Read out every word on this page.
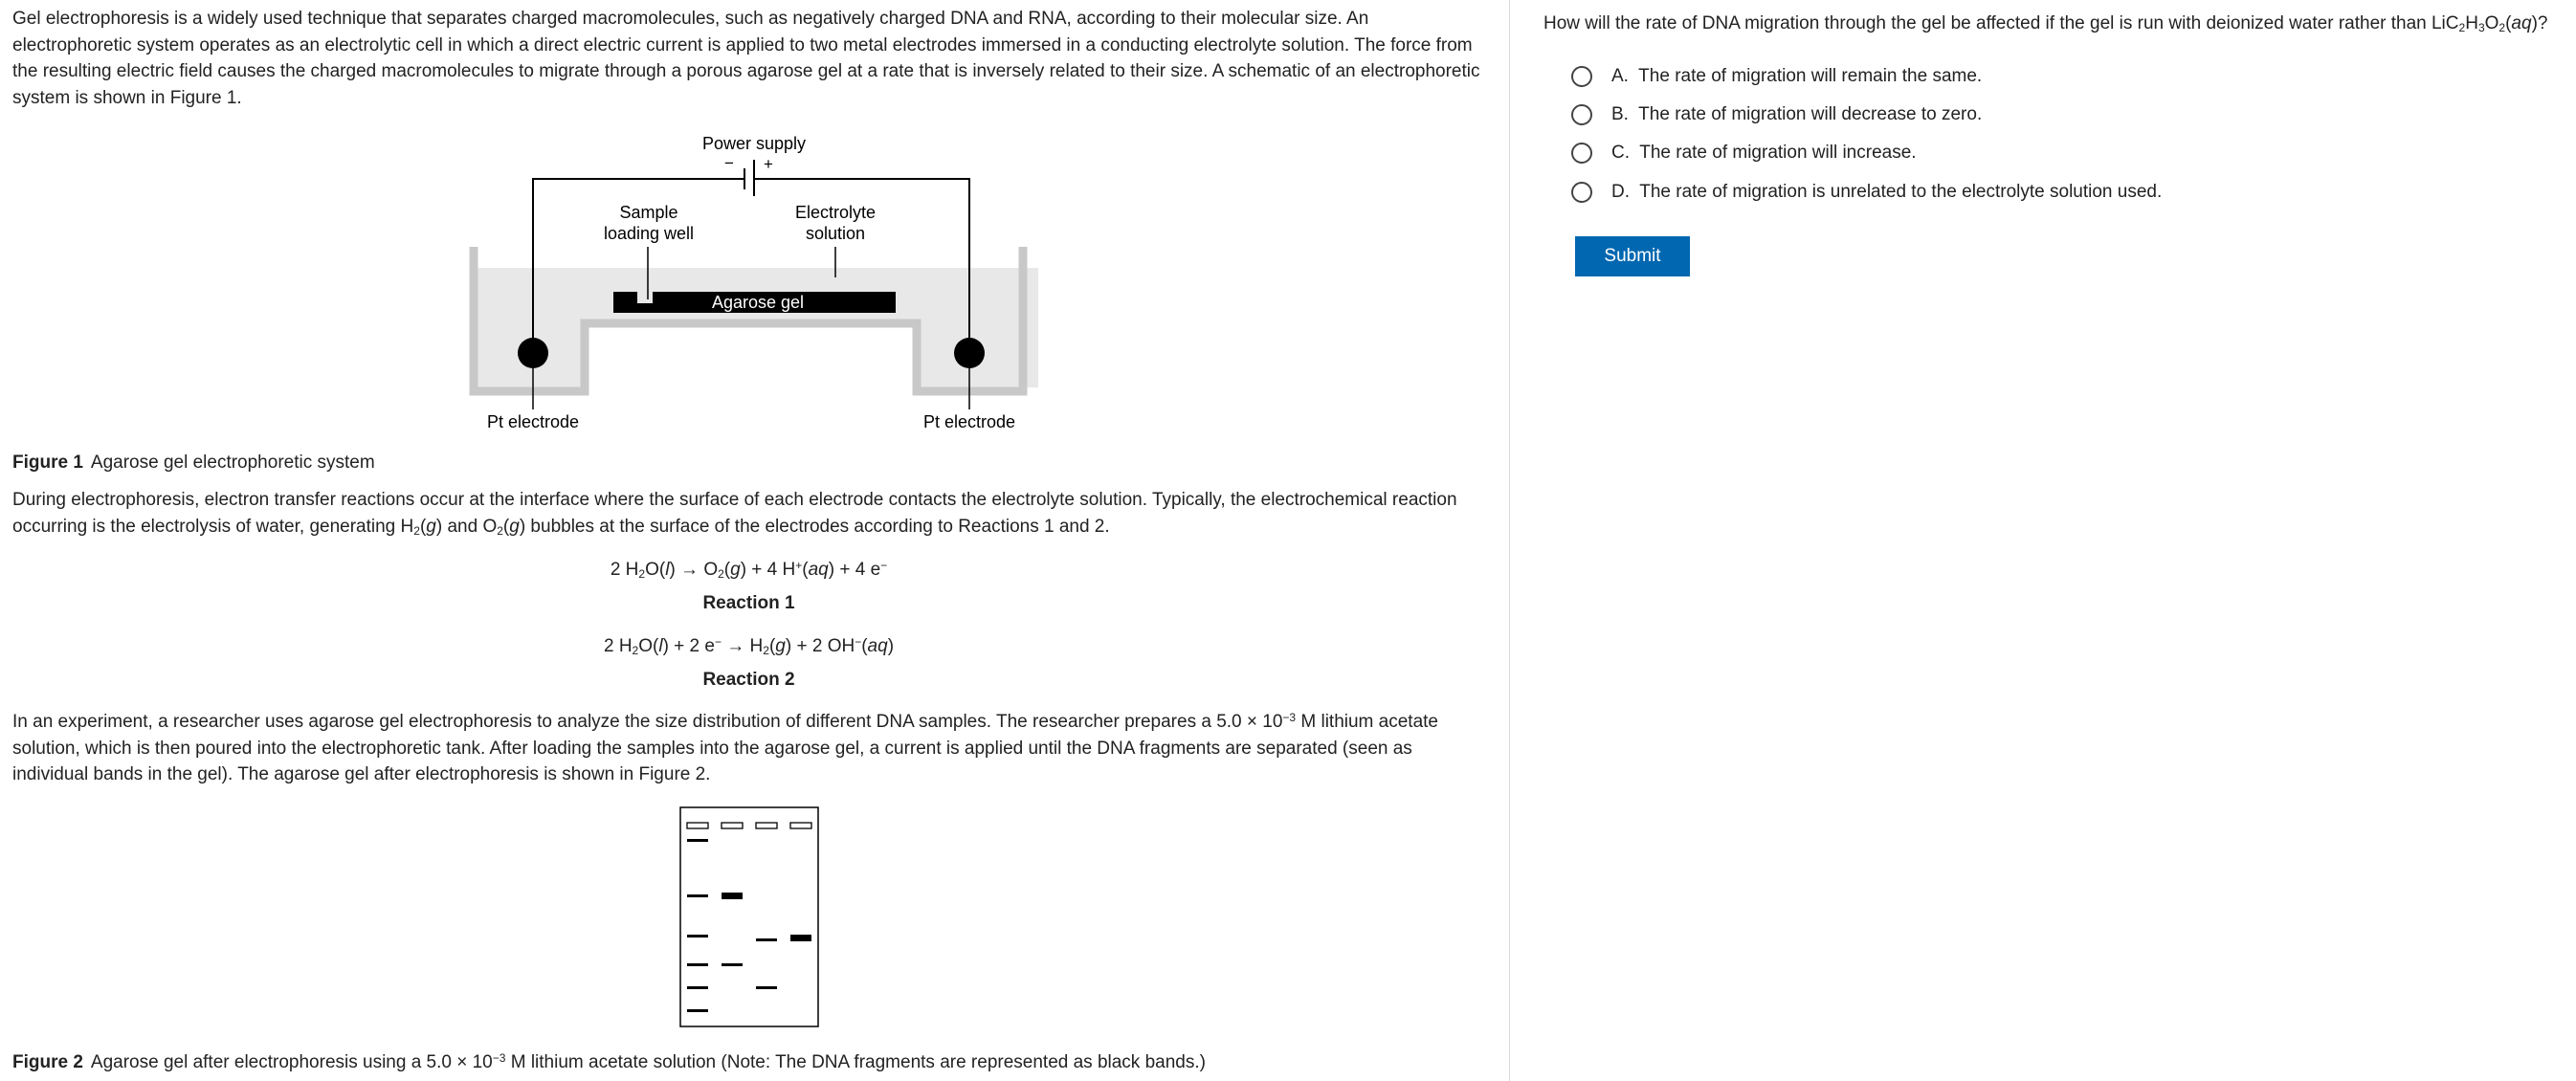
Gel electrophoresis is a widely used technique that separates charged macromolecules, such as negatively charged DNA and RNA, according to their molecular size. An electrophoretic system operates as an electrolytic cell in which a direct electric current is applied to two metal electrodes immersed in a conducting electrolyte solution. The force from the resulting electric field causes the charged macromolecules to migrate through a porous agarose gel at a rate that is inversely related to their size. A schematic of an electrophoretic system is shown in Figure 1.

Agarose gel
− +
Power supply
Pt electrode	Pt electrode
Sample
loading well
Electrolyte
solution

Figure 1 Agarose gel electrophoretic system

During electrophoresis, electron transfer reactions occur at the interface where the surface of each electrode contacts the electrolyte solution. Typically, the electrochemical reaction occurring is the electrolysis of water, generating $H_2(g)$ and $O_2(g)$ bubbles at the surface of the electrodes according to Reactions 1 and 2.

2 $H_2O(l) \to O_2(g) + 4$ H+(aq) + 4 e−

Reaction 1

2 $H_2O(l) + 2$ $e^- \to H_2(g) + 2$ OH−(aq)

Reaction 2

In an experiment, a researcher uses agarose gel electrophoresis to analyze the size distribution of different DNA samples. The researcher prepares a $5.0 \times 10^{-3}$ M lithium acetate solution, which is then poured into the electrophoretic tank. After loading the samples into the agarose gel, a current is applied until the DNA fragments are separated (seen as individual bands in the gel). The agarose gel after electrophoresis is shown in Figure 2.

Figure 2 Agarose gel after electrophoresis using a $5.0 \times 10^{-3}$ M lithium acetate solution (Note: The DNA fragments are represented as black bands.)

How will the rate of DNA migration through the gel be affected if the gel is run with deionized water rather than $LiC_2H_3O_2(aq)$?

A. The rate of migration will remain the same.
B. The rate of migration will decrease to zero.
C. The rate of migration will increase.
D. The rate of migration is unrelated to the electrolyte solution used.
Submit
